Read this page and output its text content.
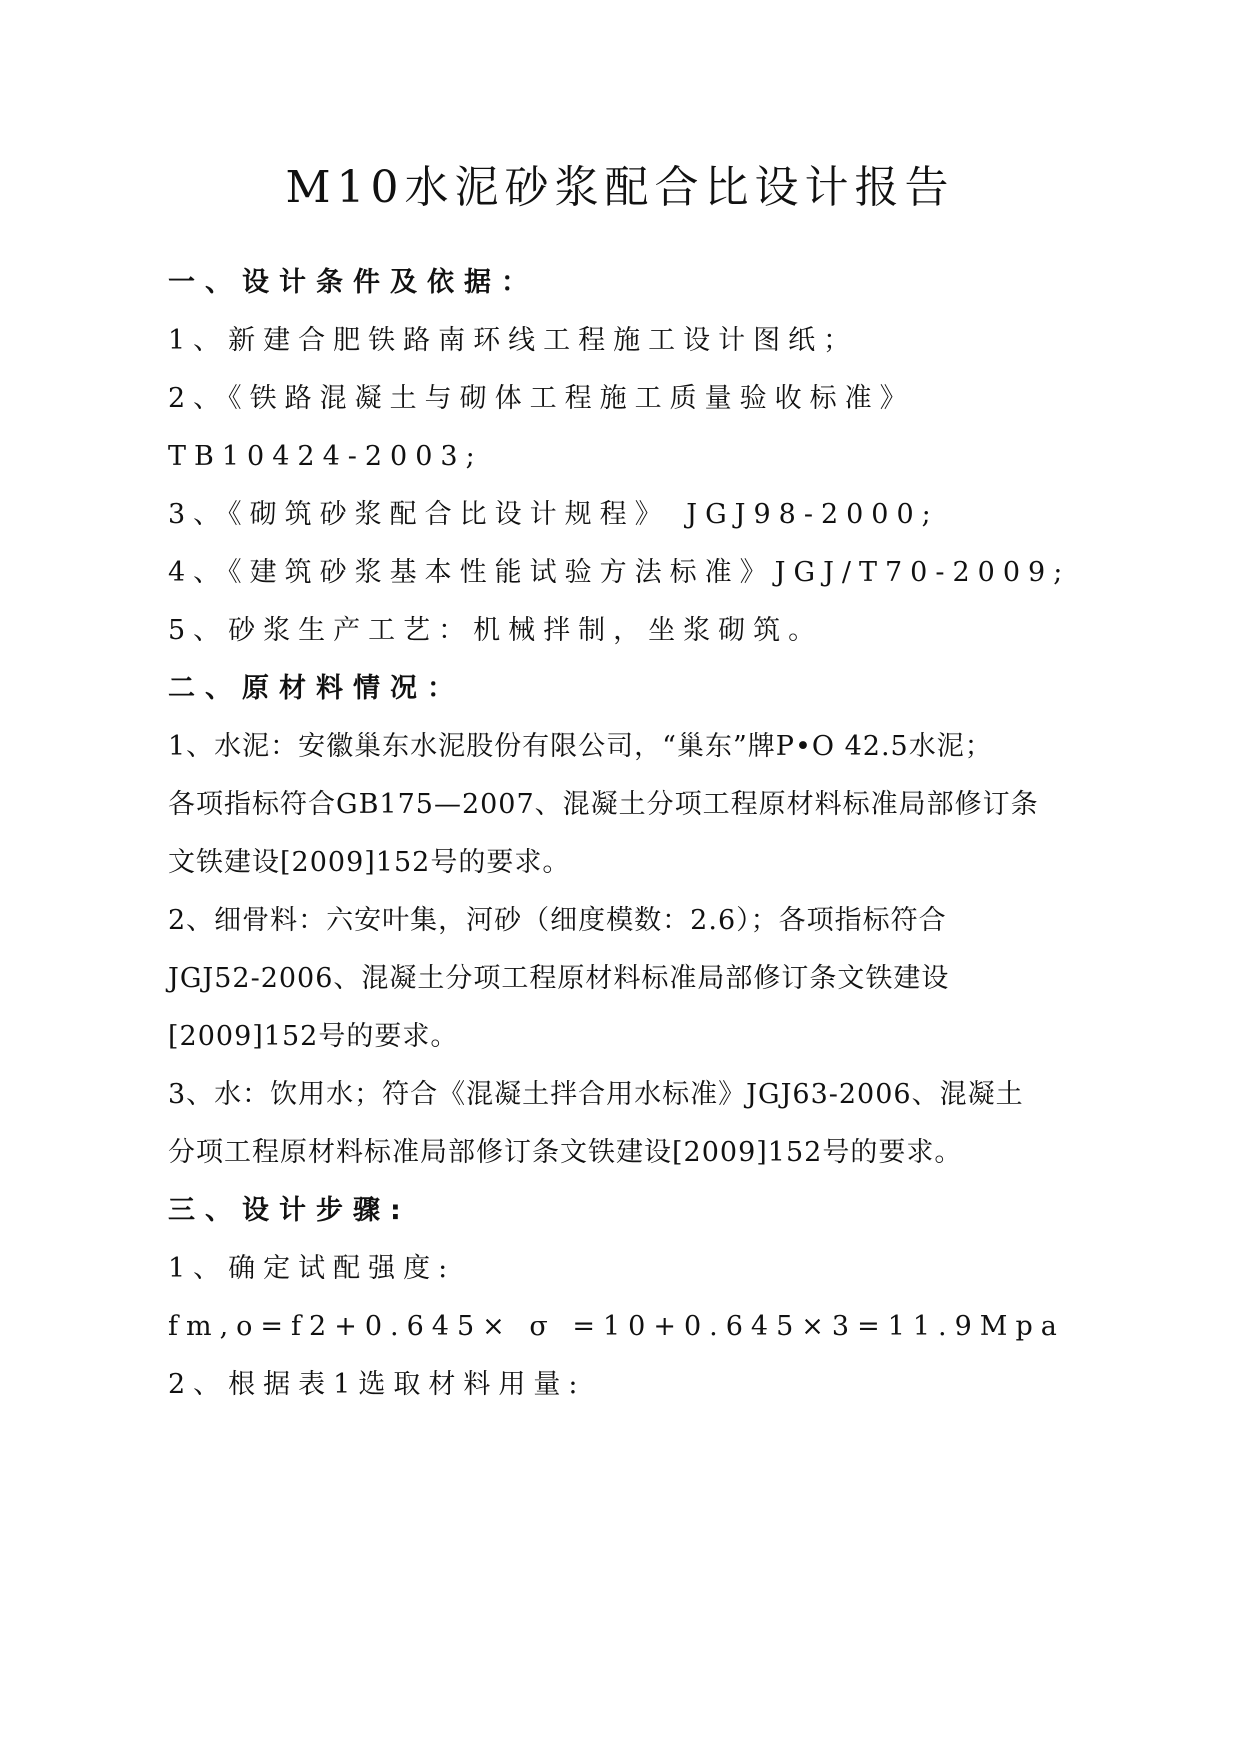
M10水泥砂浆配合比设计报告
一、设计条件及依据：
1、新建合肥铁路南环线工程施工设计图纸；
2、《铁路混凝土与砌体工程施工质量验收标准》
TB10424-2003;
3、《砌筑砂浆配合比设计规程》 JGJ98-2000;
4、《建筑砂浆基本性能试验方法标准》JGJ/T70-2009;
5、砂浆生产工艺：机械拌制，坐浆砌筑。
二、原材料情况：
1、水泥：安徽巢东水泥股份有限公司，“巢东”牌P•O 42.5水泥；
各项指标符合GB175—2007、混凝土分项工程原材料标准局部修订条
文铁建设[2009]152号的要求。
2、细骨料：六安叶集，河砂（细度模数：2.6）；各项指标符合
JGJ52-2006、混凝土分项工程原材料标准局部修订条文铁建设
[2009]152号的要求。
3、水：饮用水；符合《混凝土拌合用水标准》JGJ63-2006、混凝土
分项工程原材料标准局部修订条文铁建设[2009]152号的要求。
三、设计步骤:
1、确定试配强度:
fm,o=f2+0.645× σ =10+0.645×3=11.9Mpa
2、根据表1选取材料用量:
